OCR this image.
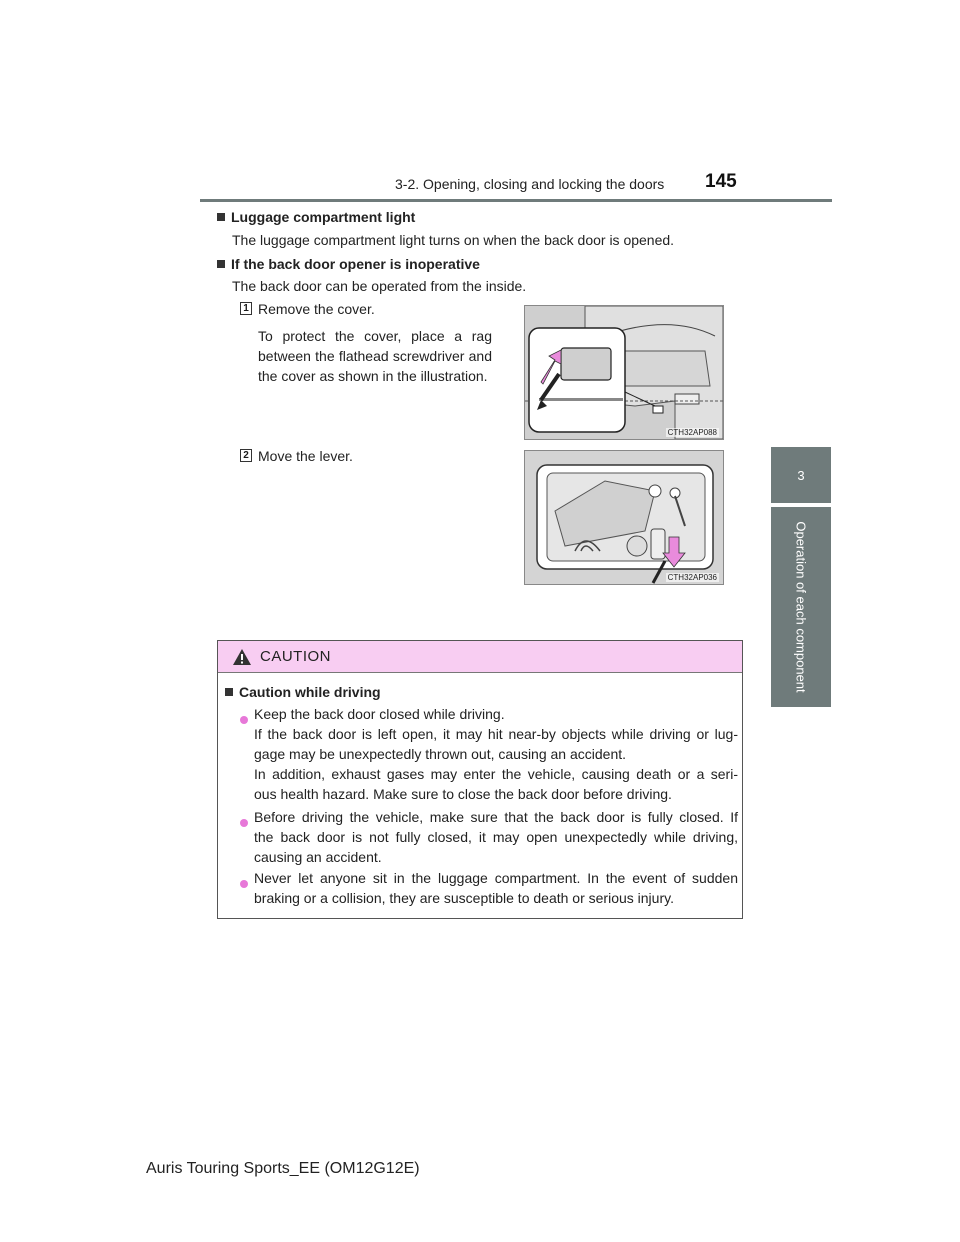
3-2. Opening, closing and locking the doors 145
3
Operation of each component
Luggage compartment light
The luggage compartment light turns on when the back door is opened.
If the back door opener is inoperative
The back door can be operated from the inside.
1 Remove the cover.
To protect the cover, place a rag
between the flathead screwdriver and
the cover as shown in the illustration.
CTH32AP088
2 Move the lever.
CTH32AP036
CAUTION
Caution while driving

Keep the back door closed while driving.

If the back door is left open, it may hit near-by objects while driving or lug-

gage may be unexpectedly thrown out, causing an accident.

In addition, exhaust gases may enter the vehicle, causing death or a seri-

ous health hazard. Make sure to close the back door before driving.

Before driving the vehicle, make sure that the back door is fully closed. If

the back door is not fully closed, it may open unexpectedly while driving,

causing an accident.

Never let anyone sit in the luggage compartment. In the event of sudden

braking or a collision, they are susceptible to death or serious injury.

Auris Touring Sports_EE (OM12G12E)
